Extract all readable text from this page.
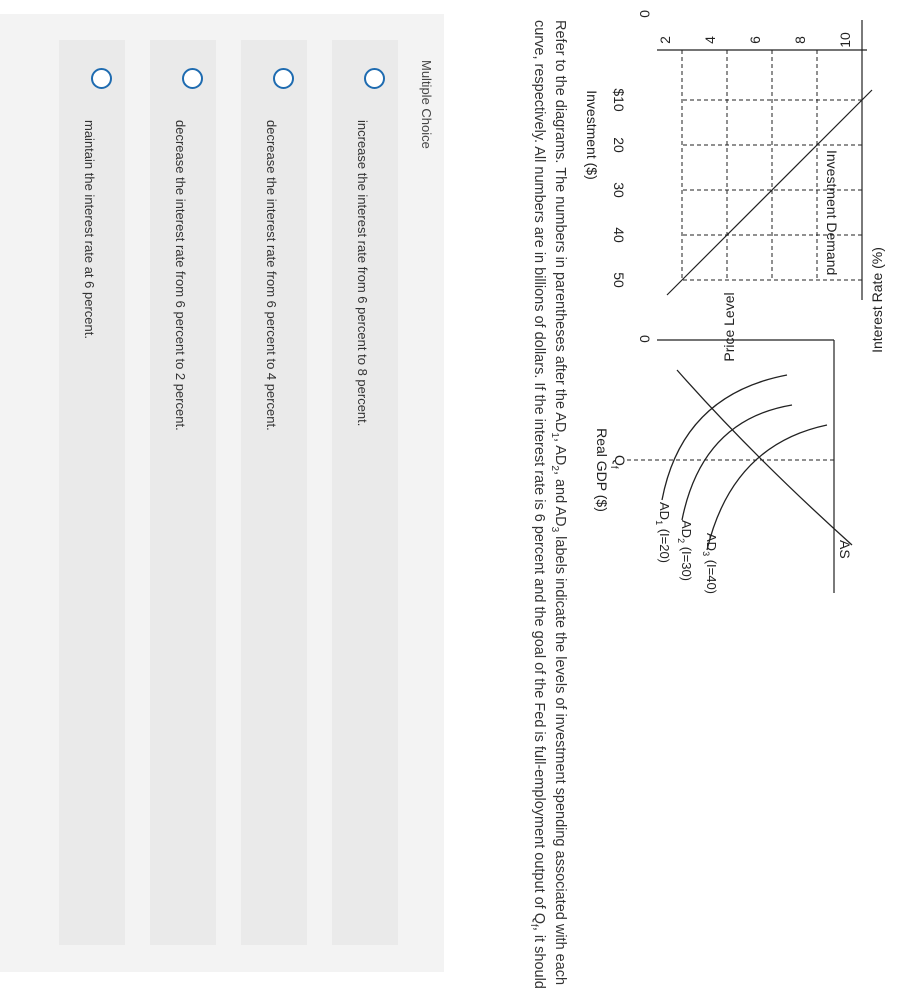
0
Interest Rate (%)
Investment ($)
Investment Demand
10
8
6
4
2
$10
20
30
40
50
0	Price Level
Real GDP ($)
AS
$Q_f$
$AD_3$ (I=40)
$AD_2$ (I=30)
$AD_1$ (I=20)

Refer to the diagrams. The numbers in parentheses after the $AD_1$, $AD_2$, and $AD_3$ labels indicate the levels of investment spending associated with each curve, respectively. All numbers are in billions of dollars. If the interest rate is 6 percent and the goal of the Fed is full-employment output of $Q_f$, it should

Multiple Choice
increase the interest rate from 6 percent to 8 percent.
decrease the interest rate from 6 percent to 4 percent.
decrease the interest rate from 6 percent to 2 percent.
maintain the interest rate at 6 percent.
